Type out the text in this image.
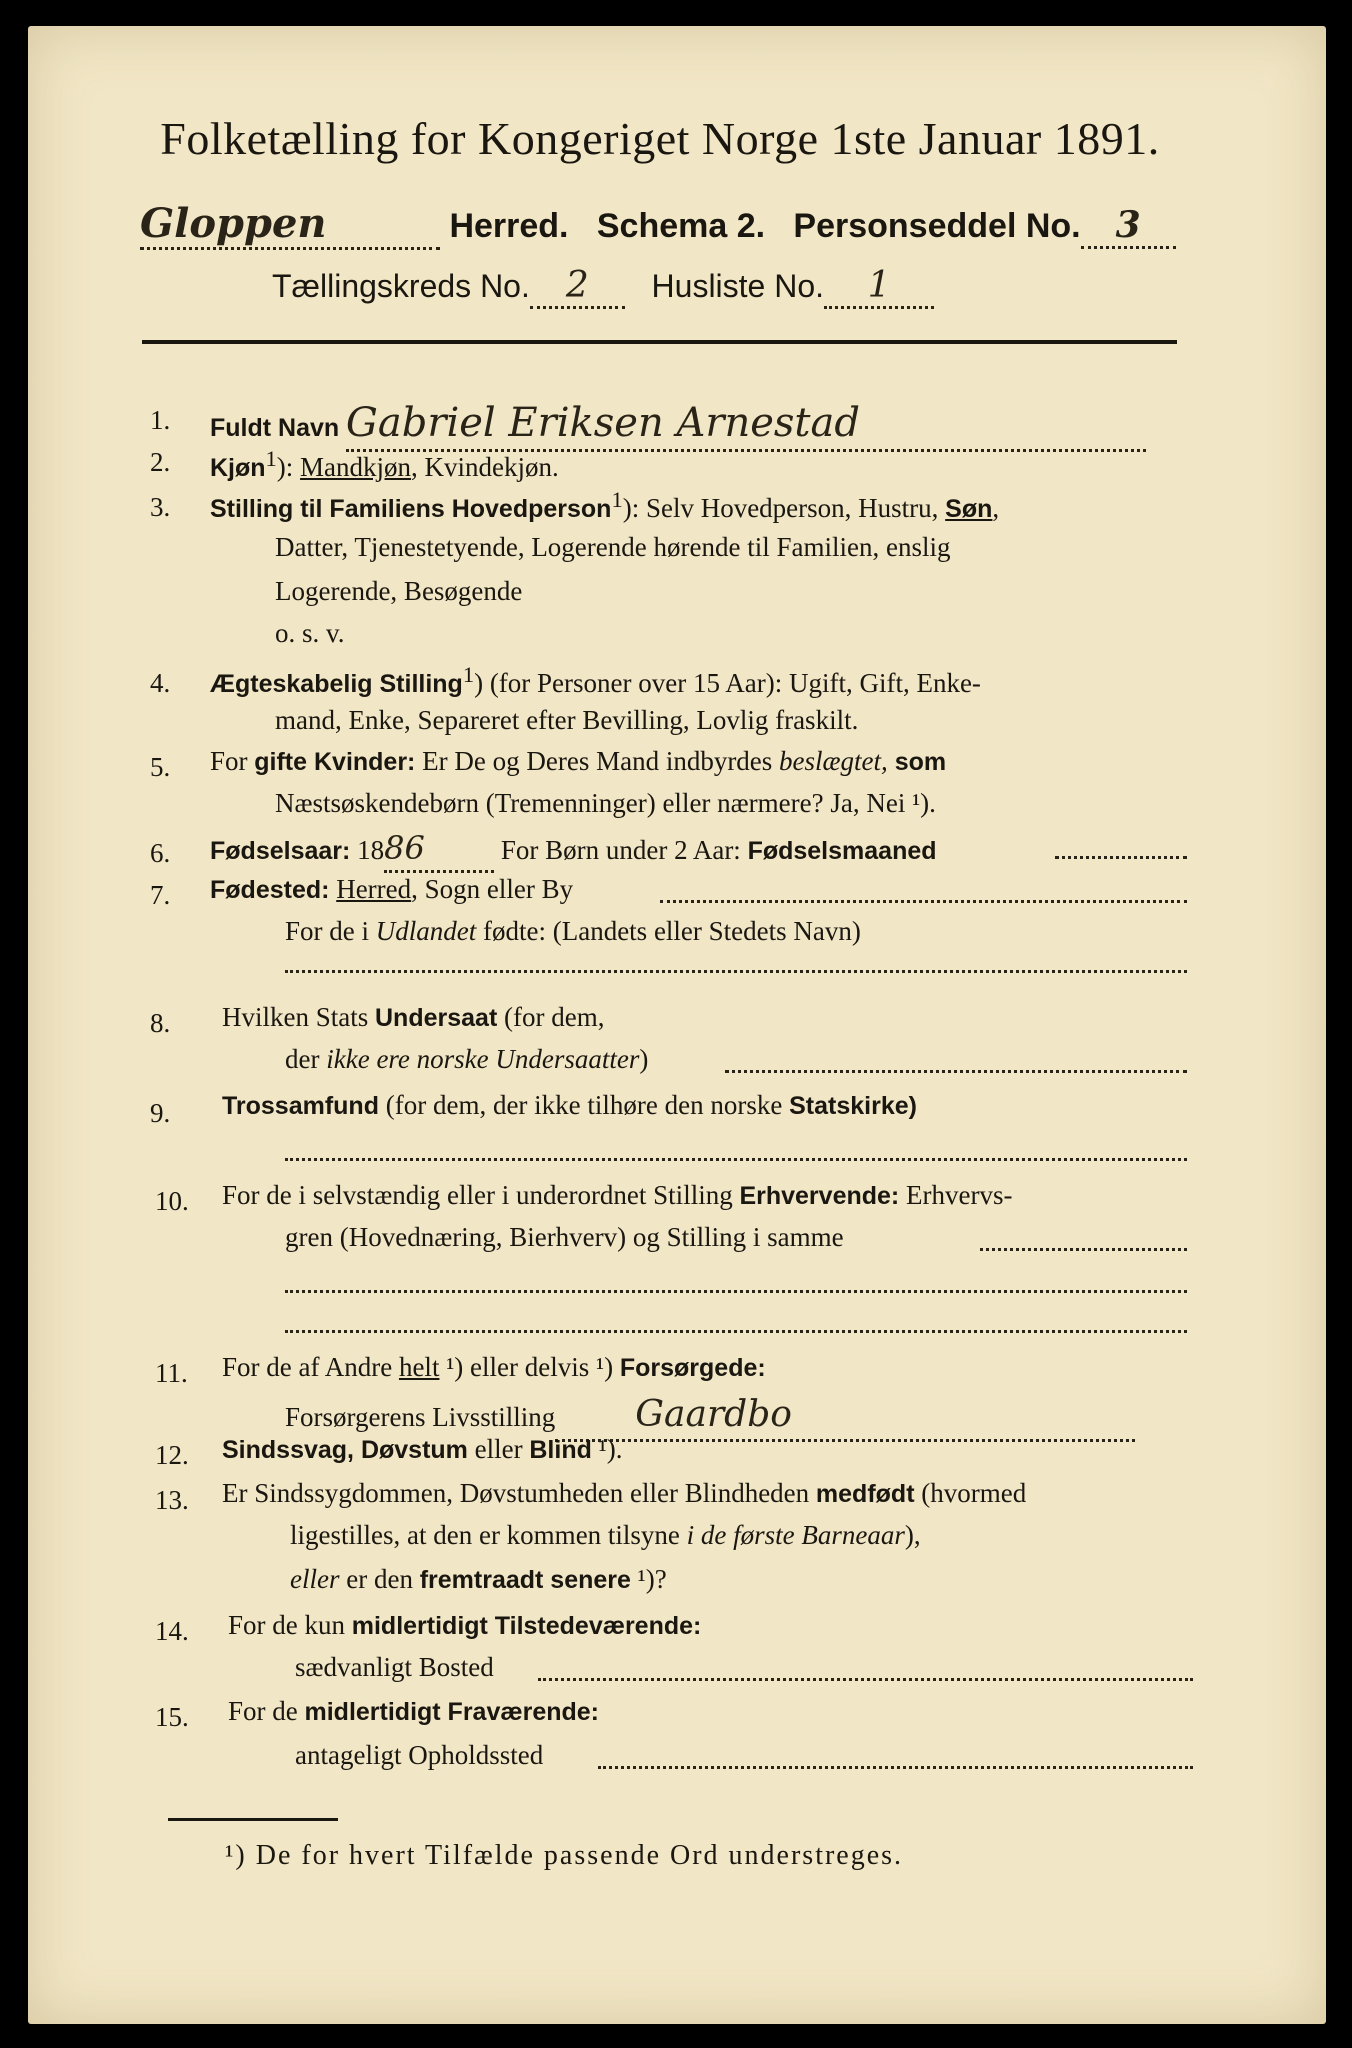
Folketælling for Kongeriget Norge 1ste Januar 1891.
Gloppen	Herred. Schema 2. Personseddel No. 3
Tællingskreds No. 2 Husliste No. 1
1.	Fuldt Navn Gabriel Eriksen Arnestad
2.	Kjøn$^1$): Mandkjøn, Kvindekjøn.
3.	Stilling til Familiens Hovedperson$^1$): Selv Hovedperson, Hustru, Søn,
Datter, Tjenestetyende, Logerende hørende til Familien, enslig
Logerende, Besøgende
o. s. v.
4.	Ægteskabelig Stilling$^1$) (for Personer over 15 Aar): Ugift, Gift, Enke-
mand, Enke, Separeret efter Bevilling, Lovlig fraskilt.
5.	For gifte Kvinder: Er De og Deres Mand indbyrdes beslægtet, som
Næstsøskendebørn (Tremenninger) eller nærmere? Ja, Nei ¹).
6.	Fødselsaar: 1886	For Børn under 2 Aar: Fødselsmaaned
7.	Fødested: Herred, Sogn eller By
For de i Udlandet fødte: (Landets eller Stedets Navn)
8.	Hvilken Stats Undersaat (for dem,
der ikke ere norske Undersaatter)
9.	Trossamfund (for dem, der ikke tilhøre den norske Statskirke)
10.	For de i selvstændig eller i underordnet Stilling Erhvervende: Erhvervs-
gren (Hovednæring, Bierhverv) og Stilling i samme
11.	For de af Andre helt ¹) eller delvis ¹) Forsørgede:
Forsørgerens Livsstilling Gaardbo
12.	Sindssvag, Døvstum eller Blind ¹).
13.	Er Sindssygdommen, Døvstumheden eller Blindheden medfødt (hvormed
ligestilles, at den er kommen tilsyne i de første Barneaar),
eller er den fremtraadt senere ¹)?
14.	For de kun midlertidigt Tilstedeværende:
sædvanligt Bosted
15.	For de midlertidigt Fraværende:
antageligt Opholdssted
¹) De for hvert Tilfælde passende Ord understreges.
